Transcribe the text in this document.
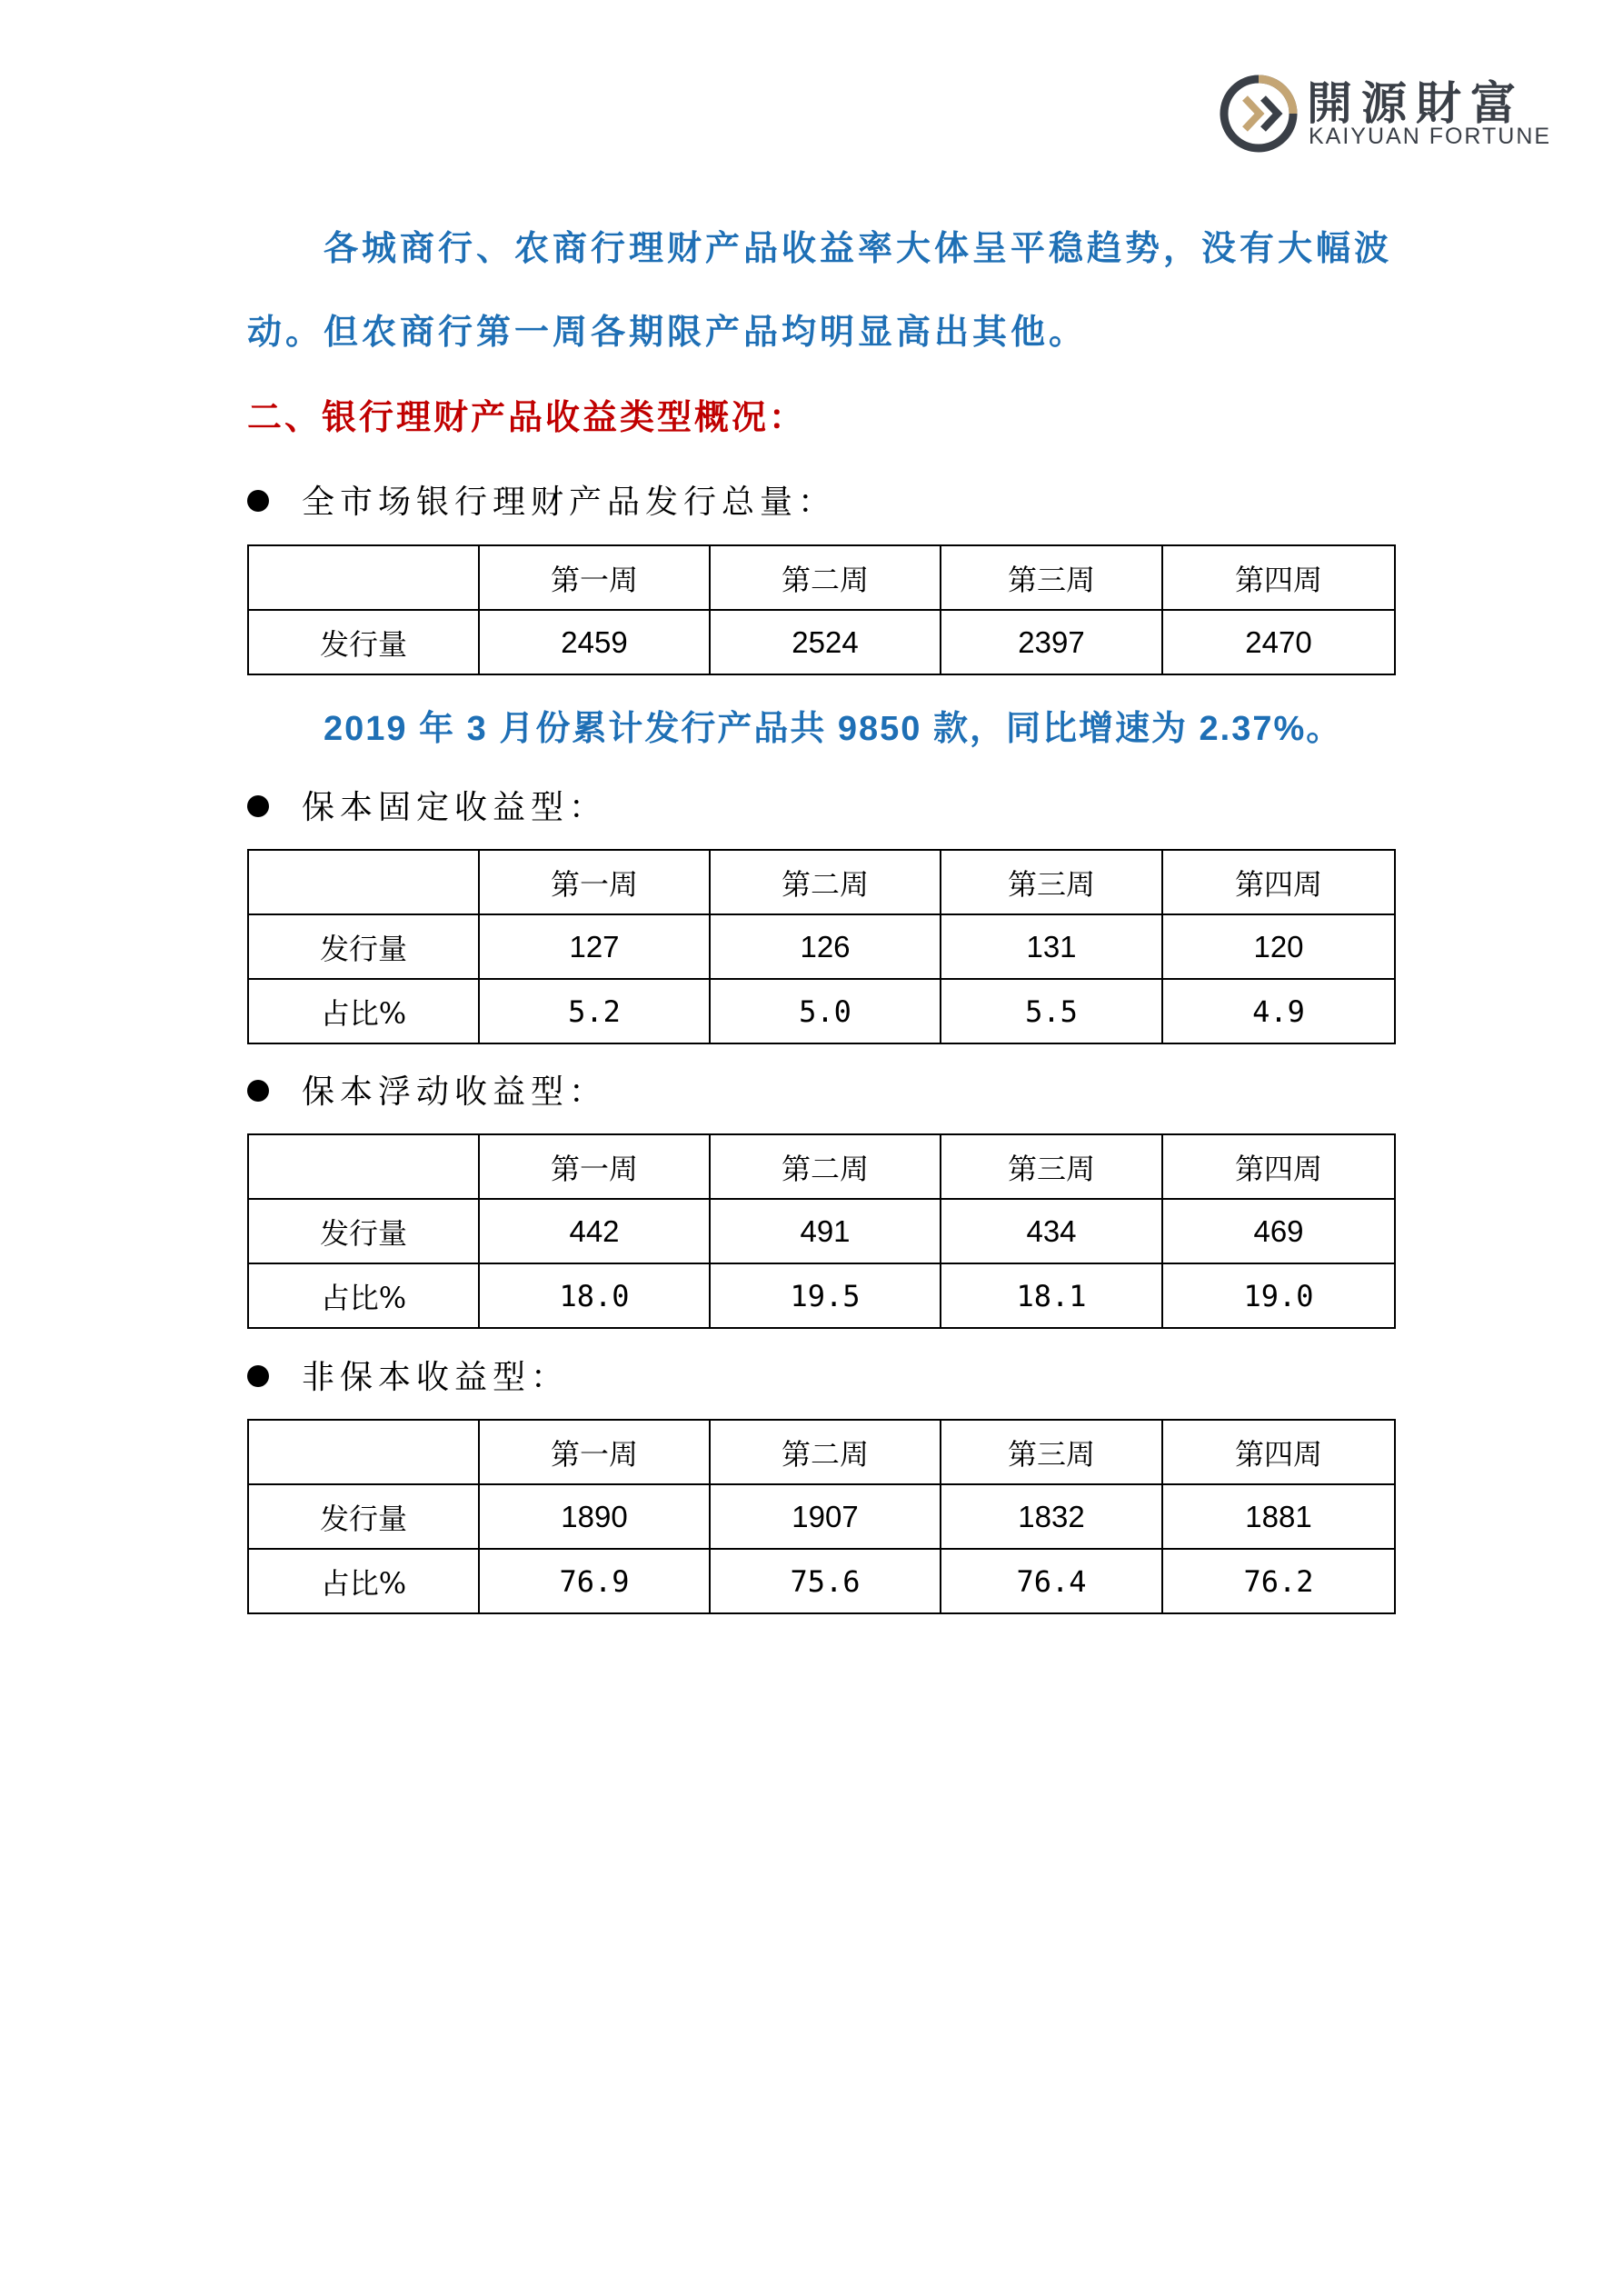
開源財富
KAIYUAN FORTUNE
各城商行、农商行理财产品收益率大体呈平稳趋势，没有大幅波
动。但农商行第一周各期限产品均明显高出其他。
二、银行理财产品收益类型概况：
全市场银行理财产品发行总量：
	第一周	第二周	第三周	第四周
发行量	2459	2524	2397	2470
2019 年 3 月份累计发行产品共 9850 款，同比增速为 2.37%。
保本固定收益型：
	第一周	第二周	第三周	第四周
发行量	127	126	131	120
占比%	5.2	5.0	5.5	4.9
保本浮动收益型：
	第一周	第二周	第三周	第四周
发行量	442	491	434	469
占比%	18.0	19.5	18.1	19.0
非保本收益型：
	第一周	第二周	第三周	第四周
发行量	1890	1907	1832	1881
占比%	76.9	75.6	76.4	76.2
